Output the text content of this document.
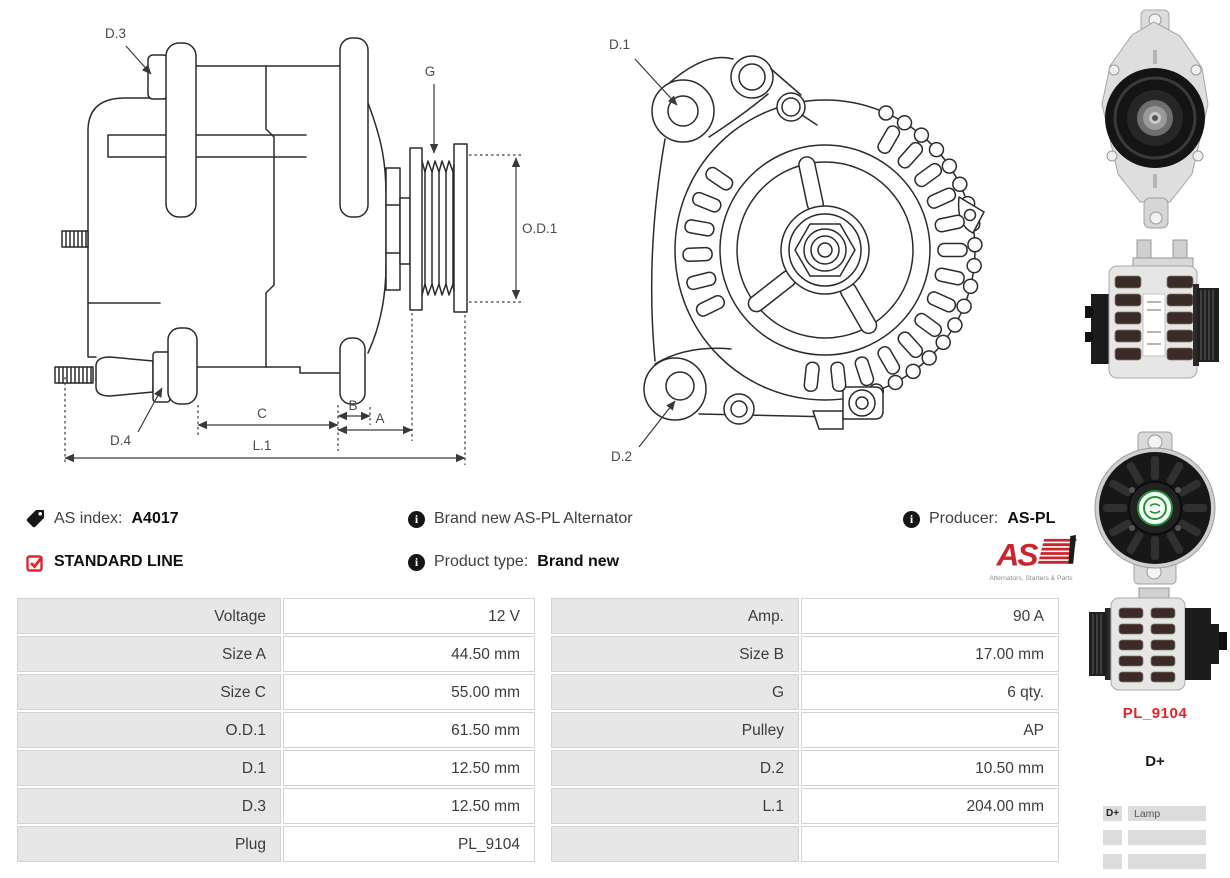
D.3
G
O.D.1
D.4
C
B
A
L.1
D.1
D.2
AS index: A4017
STANDARD LINE
i Brand new AS-PL Alternator
i Product type: Brand new
i Producer: AS-PL
AS
Alternators, Starters & Parts
Voltage	12 V	Amp.	90 A
Size A	44.50 mm	Size B	17.00 mm
Size C	55.00 mm	G	6 qty.
O.D.1	61.50 mm	Pulley	AP
D.1	12.50 mm	D.2	10.50 mm
D.3	12.50 mm	L.1	204.00 mm
Plug	PL_9104
PL_9104
D+
D+	Lamp
